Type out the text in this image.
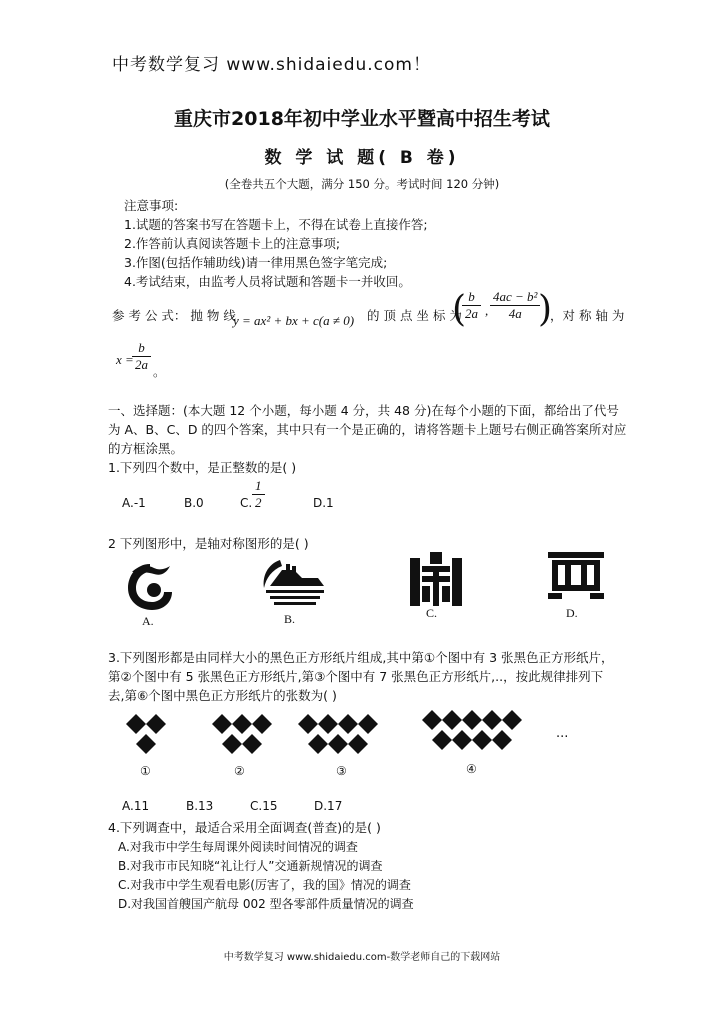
中考数学复习 www.shidaiedu.com！
重庆市2018年初中学业水平暨高中招生考试
数 学 试 题( B 卷)
(全卷共五个大题，满分 150 分。考试时间 120 分钟)
注意事项:
1.试题的答案书写在答题卡上，不得在试卷上直接作答;
2.作答前认真阅读答题卡上的注意事项;
3.作图(包括作辅助线)请一律用黑色签字笔完成;
4.考试结束，由监考人员将试题和答题卡一并收回。
参 考 公 式： 抛 物 线
y = ax² + bx + c(a ≠ 0) 的 顶 点 坐 标 为
(
$\frac{b}{2a}$ , $\frac{\text{4ac − b²}}{4a}$
)
，对 称 轴 为
x =
$\frac{b}{2a}$ 。
一、选择题：(本大题 12 个小题，每小题 4 分，共 48 分)在每个小题的下面，都给出了代号
为 A、B、C、D 的四个答案，其中只有一个是正确的，请将答题卡上题号右侧正确答案所对应
的方框涂黑。
1.下列四个数中，是正整数的是( )
A.-1	B.0	C. $\frac{1}{2}$	D.1
2 下列图形中，是轴对称图形的是( )
A.	B.	C.	D.
3.下列图形都是由同样大小的黑色正方形纸片组成,其中第①个图中有 3 张黑色正方形纸片，
第②个图中有 5 张黑色正方形纸片,第③个图中有 7 张黑色正方形纸片,..，按此规律排列下
去,第⑥个图中黑色正方形纸片的张数为( )
...
①	②	③	④
A.11	B.13	C.15	D.17
4.下列调查中，最适合采用全面调查(普查)的是( )
A.对我市中学生每周课外阅读时间情况的调查
B.对我市市民知晓“礼让行人”交通新规情况的调查
C.对我市中学生观看电影(厉害了，我的国》情况的调查
D.对我国首艘国产航母 002 型各零部件质量情况的调查
中考数学复习 www.shidaiedu.com-数学老师自己的下载网站
